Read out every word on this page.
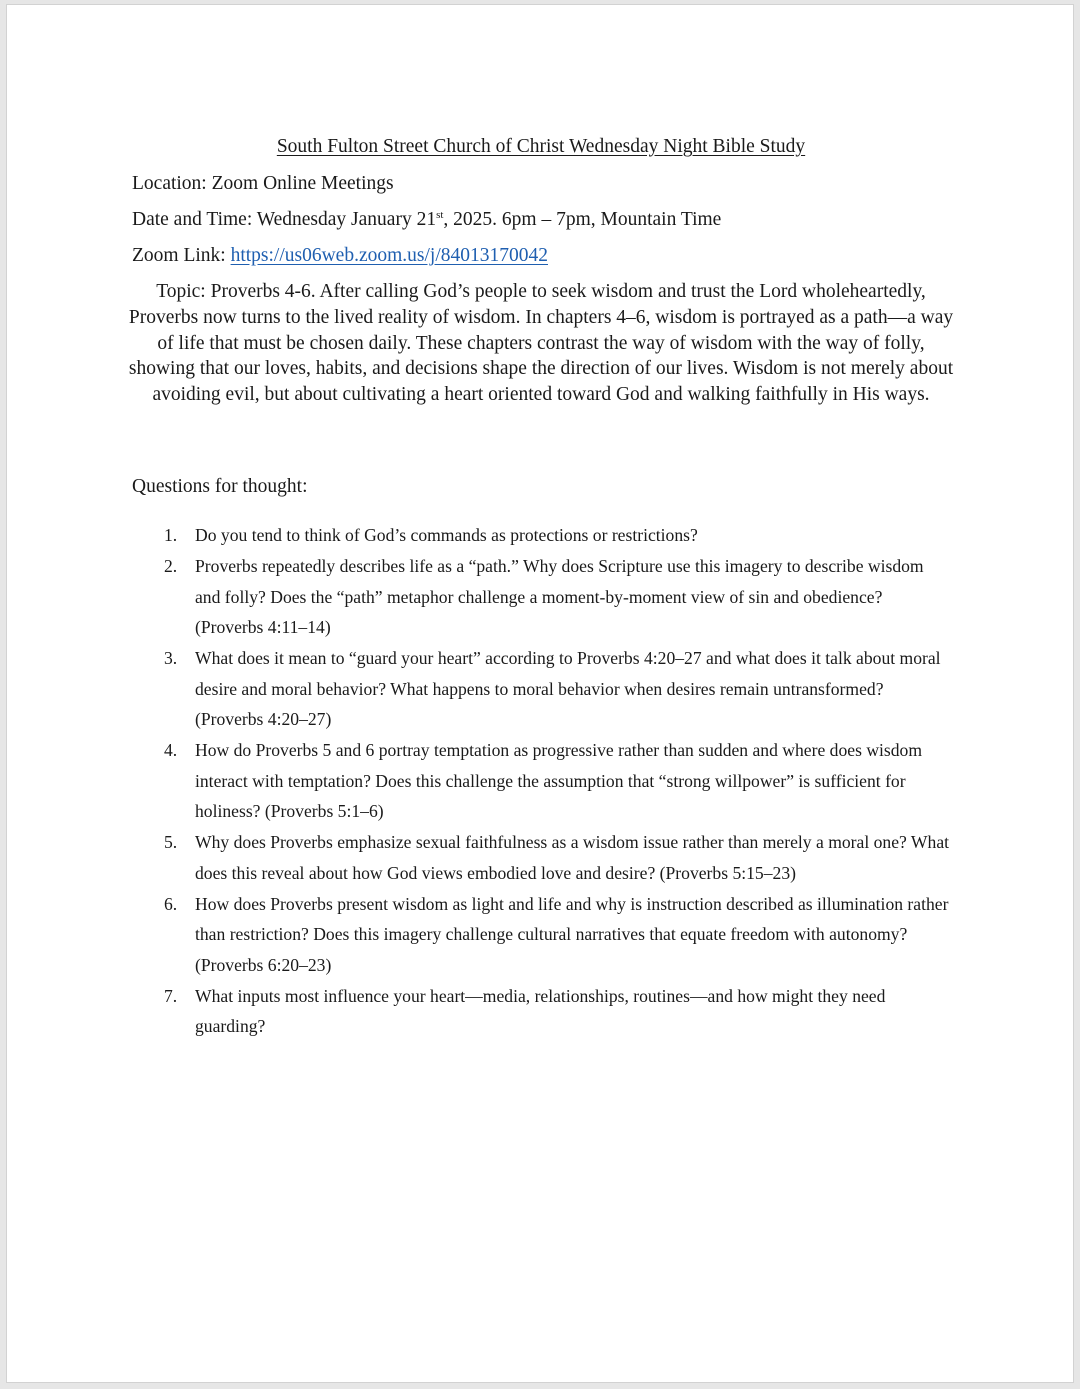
South Fulton Street Church of Christ Wednesday Night Bible Study
Location: Zoom Online Meetings
Date and Time: Wednesday January 21st, 2025. 6pm – 7pm, Mountain Time
Zoom Link: https://us06web.zoom.us/j/84013170042
Topic: Proverbs 4-6. After calling God’s people to seek wisdom and trust the Lord wholeheartedly, Proverbs now turns to the lived reality of wisdom. In chapters 4–6, wisdom is portrayed as a path—a way of life that must be chosen daily. These chapters contrast the way of wisdom with the way of folly, showing that our loves, habits, and decisions shape the direction of our lives. Wisdom is not merely about avoiding evil, but about cultivating a heart oriented toward God and walking faithfully in His ways.
Questions for thought:
1. Do you tend to think of God’s commands as protections or restrictions?
2. Proverbs repeatedly describes life as a “path.” Why does Scripture use this imagery to describe wisdom and folly? Does the “path” metaphor challenge a moment-by-moment view of sin and obedience? (Proverbs 4:11–14)
3. What does it mean to “guard your heart” according to Proverbs 4:20–27 and what does it talk about moral desire and moral behavior? What happens to moral behavior when desires remain untransformed? (Proverbs 4:20–27)
4. How do Proverbs 5 and 6 portray temptation as progressive rather than sudden and where does wisdom interact with temptation? Does this challenge the assumption that “strong willpower” is sufficient for holiness? (Proverbs 5:1–6)
5. Why does Proverbs emphasize sexual faithfulness as a wisdom issue rather than merely a moral one? What does this reveal about how God views embodied love and desire? (Proverbs 5:15–23)
6. How does Proverbs present wisdom as light and life and why is instruction described as illumination rather than restriction? Does this imagery challenge cultural narratives that equate freedom with autonomy? (Proverbs 6:20–23)
7. What inputs most influence your heart—media, relationships, routines—and how might they need guarding?
